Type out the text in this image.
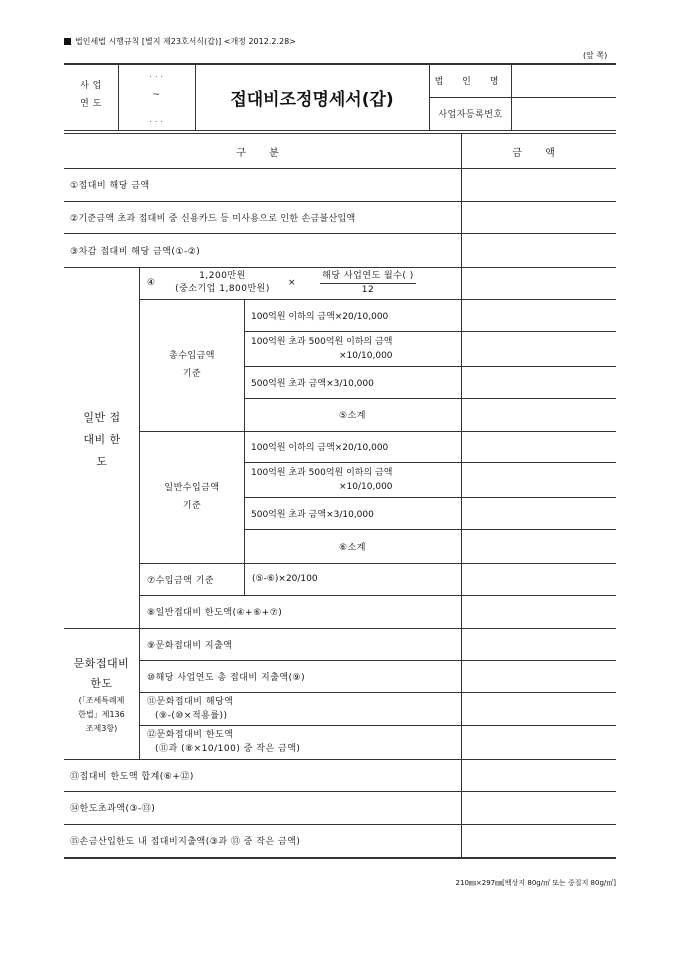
법인세법 시행규칙 [별지 제23호서식(갑)] <개정 2012.2.28>
(앞 쪽)
사 업
연 도
. . .
~
. . .
접대비조정명세서(갑)
법 인 명
사업자등록번호
구 분	금 액
①접대비 해당 금액
②기준금액 초과 접대비 중 신용카드 등 미사용으로 인한 손금불산입액
③차감 접대비 해당 금액(①-②)
일반 접대비 한도
④
1,200만원
(중소기업 1,800만원)
×
해당 사업연도 월수( )
12
총수입금액 기준
100억원 이하의 금액×20/10,000
100억원 초과 500억원 이하의 금액
×10/10,000
500억원 초과 금액×3/10,000
⑤소계
일반수입금액 기준
100억원 이하의 금액×20/10,000
100억원 초과 500억원 이하의 금액
×10/10,000
500억원 초과 금액×3/10,000
⑥소계
⑦수입금액 기준	(⑤-⑥)×20/100
⑧일반접대비 한도액(④+⑥+⑦)
문화접대비
한도
(「조세특례제
한법」제136
조제3항)
⑨문화접대비 지출액
⑩해당 사업연도 총 접대비 지출액(⑨)
⑪문화접대비 해당액
(⑨-(⑩×적용률))
⑫문화접대비 한도액
(⑪과 (⑧×10/100) 중 작은 금액)
⑬접대비 한도액 합계(⑥+⑫)
⑭한도초과액(③-⑬)
⑮손금산입한도 내 접대비지출액(③과 ⑬ 중 작은 금액)
210㎜×297㎜[백상지 80g/㎡ 또는 중질지 80g/㎡]
